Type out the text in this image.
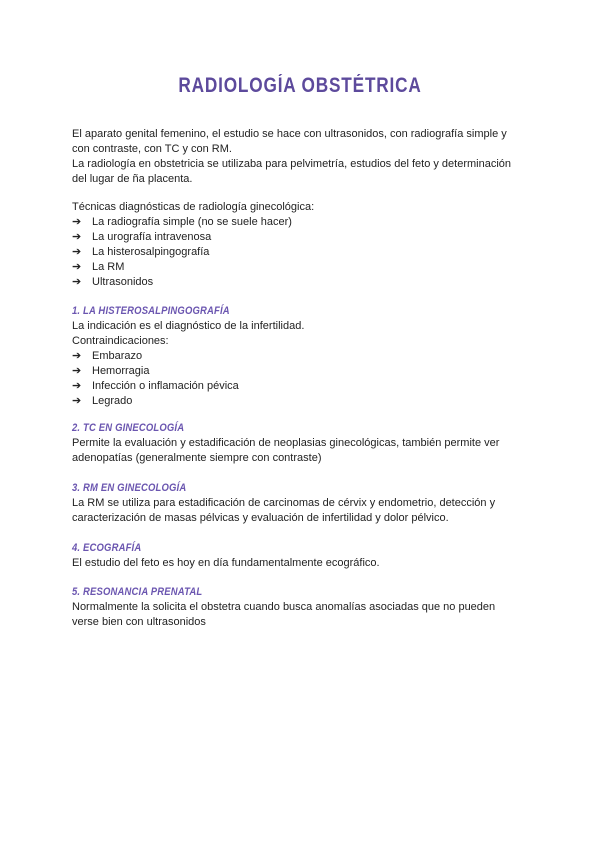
RADIOLOGÍA OBSTÉTRICA

El aparato genital femenino, el estudio se hace con ultrasonidos, con radiografía simple y

con contraste, con TC y con RM.

La radiología en obstetricia se utilizaba para pelvimetría, estudios del feto y determinación

del lugar de ña placenta.

Técnicas diagnósticas de radiología ginecológica:

➔ La radiografía simple (no se suele hacer)
➔ La urografía intravenosa
➔ La histerosalpingografía
➔ La RM
➔ Ultrasonidos

1. LA HISTEROSALPINGOGRAFÍA

La indicación es el diagnóstico de la infertilidad.

Contraindicaciones:

➔ Embarazo
➔ Hemorragia
➔ Infección o inflamación pévica
➔ Legrado

2. TC EN GINECOLOGÍA

Permite la evaluación y estadificación de neoplasias ginecológicas, también permite ver

adenopatías (generalmente siempre con contraste)

3. RM EN GINECOLOGÍA

La RM se utiliza para estadificación de carcinomas de cérvix y endometrio, detección y

caracterización de masas pélvicas y evaluación de infertilidad y dolor pélvico.

4. ECOGRAFÍA

El estudio del feto es hoy en día fundamentalmente ecográfico.

5. RESONANCIA PRENATAL

Normalmente la solicita el obstetra cuando busca anomalías asociadas que no pueden

verse bien con ultrasonidos
